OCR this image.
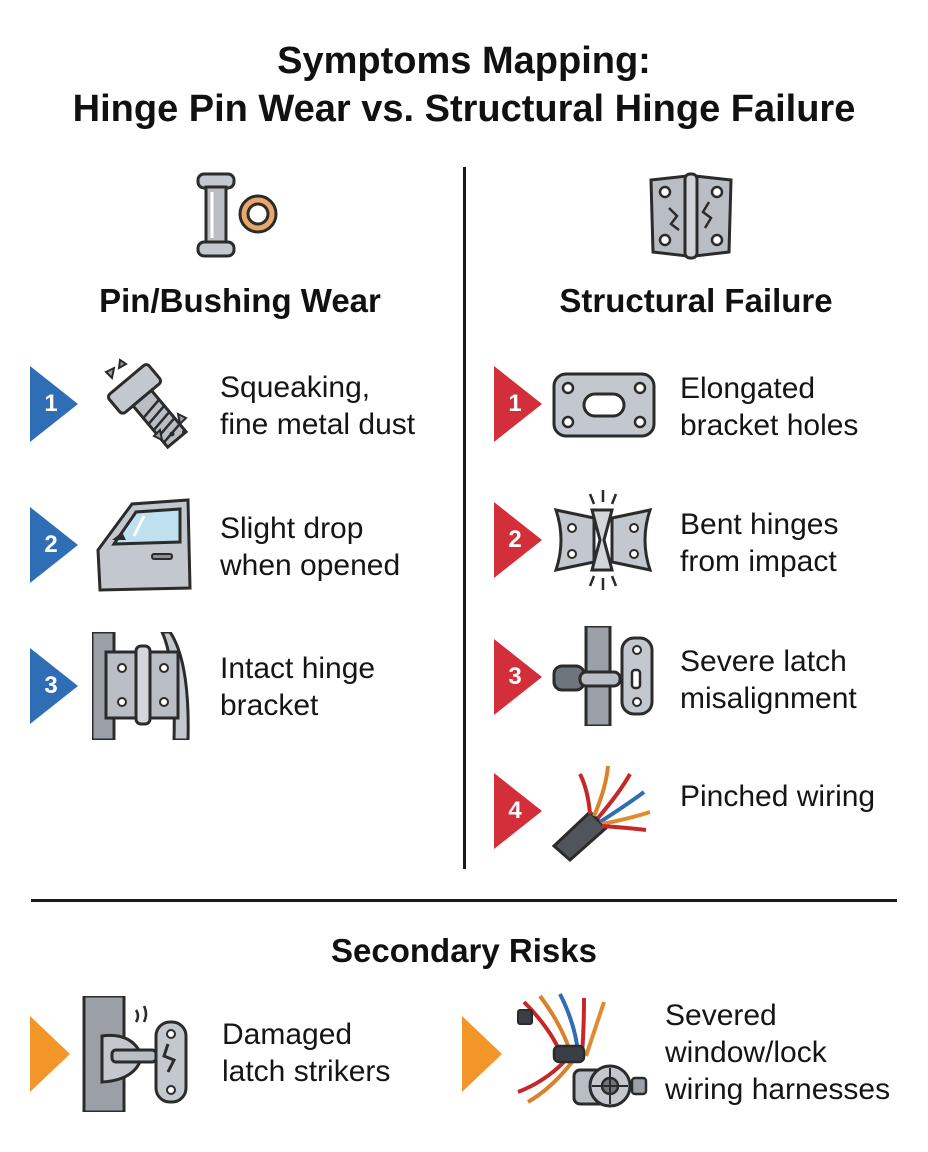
Symptoms Mapping:
Hinge Pin Wear vs. Structural Hinge Failure
Pin/Bushing Wear	Structural Failure
1	Squeaking,
fine metal dust
2	Slight drop
when opened
3
Intact hinge
bracket
1	Elongated
bracket holes
2	Bent hinges
from impact
3	Severe latch
misalignment
4	Pinched wiring
Secondary Risks
Damaged
latch strikers
Severed
window/lock
wiring harnesses
